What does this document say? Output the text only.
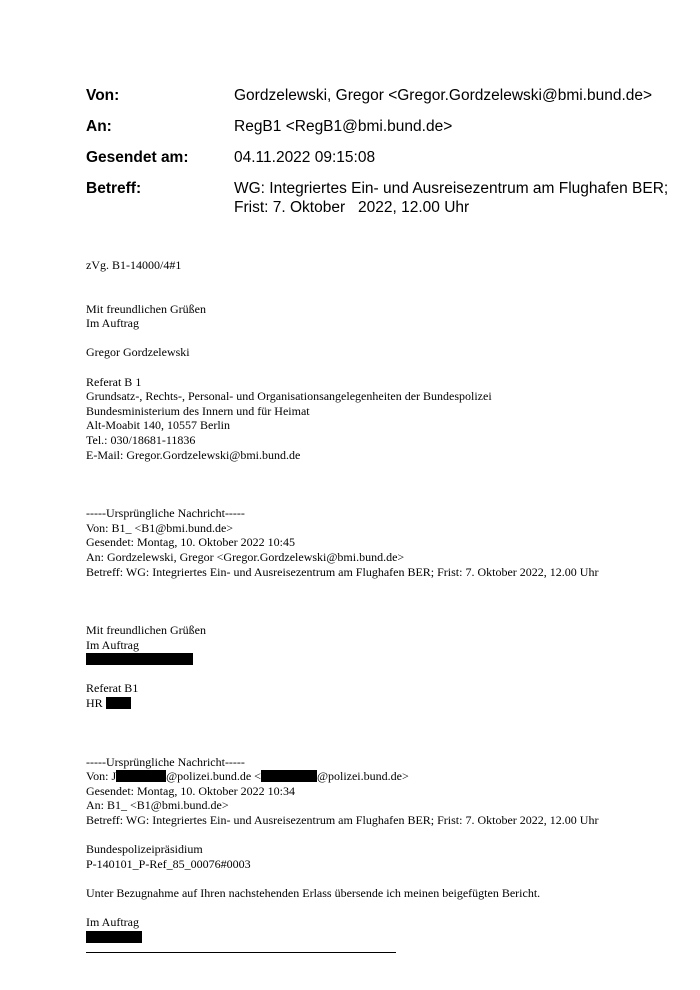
Von:	Gordzelewski, Gregor <Gregor.Gordzelewski@bmi.bund.de>
An:	RegB1 <RegB1@bmi.bund.de>
Gesendet am:	04.11.2022 09:15:08
Betreff:	WG: Integriertes Ein- und Ausreisezentrum am Flughafen BER; Frist: 7. Oktober   2022, 12.00 Uhr
zVg. B1-14000/4#1
Mit freundlichen Grüßen
Im Auftrag
Gregor Gordzelewski
Referat B 1
Grundsatz-, Rechts-, Personal- und Organisationsangelegenheiten der Bundespolizei
Bundesministerium des Innern und für Heimat
Alt-Moabit 140, 10557 Berlin
Tel.: 030/18681-11836
E-Mail: Gregor.Gordzelewski@bmi.bund.de
-----Ursprüngliche Nachricht-----
Von: B1_ <B1@bmi.bund.de>
Gesendet: Montag, 10. Oktober 2022 10:45
An: Gordzelewski, Gregor <Gregor.Gordzelewski@bmi.bund.de>
Betreff: WG: Integriertes Ein- und Ausreisezentrum am Flughafen BER; Frist: 7. Oktober 2022, 12.00 Uhr
Mit freundlichen Grüßen
Im Auftrag
Referat B1
HR
-----Ursprüngliche Nachricht-----
Von: J	@polizei.bund.de <	@polizei.bund.de>
Gesendet: Montag, 10. Oktober 2022 10:34
An: B1_ <B1@bmi.bund.de>
Betreff: WG: Integriertes Ein- und Ausreisezentrum am Flughafen BER; Frist: 7. Oktober 2022, 12.00 Uhr
Bundespolizeipräsidium
P-140101_P-Ref_85_00076#0003
Unter Bezugnahme auf Ihren nachstehenden Erlass übersende ich meinen beigefügten Bericht.
Im Auftrag
